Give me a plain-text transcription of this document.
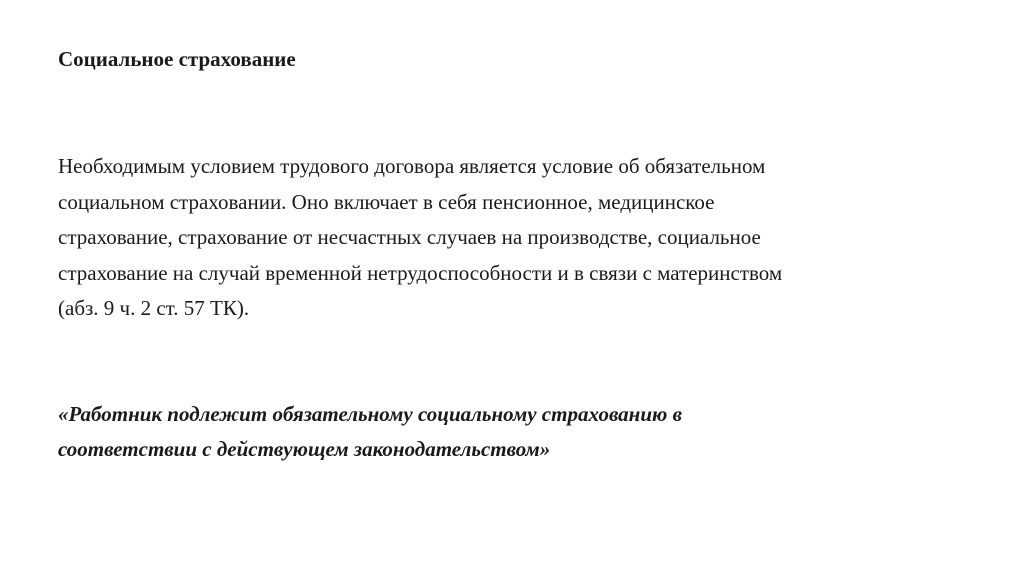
Социальное страхование

Необходимым условием трудового договора является условие об обязательном
социальном страховании. Оно включает в себя пенсионное, медицинское
страхование, страхование от несчастных случаев на производстве, социальное
страхование на случай временной нетрудоспособности и в связи с материнством
(абз. 9 ч. 2 ст. 57 ТК).

«Работник подлежит обязательному социальному страхованию в
соответствии с действующем законодательством»
